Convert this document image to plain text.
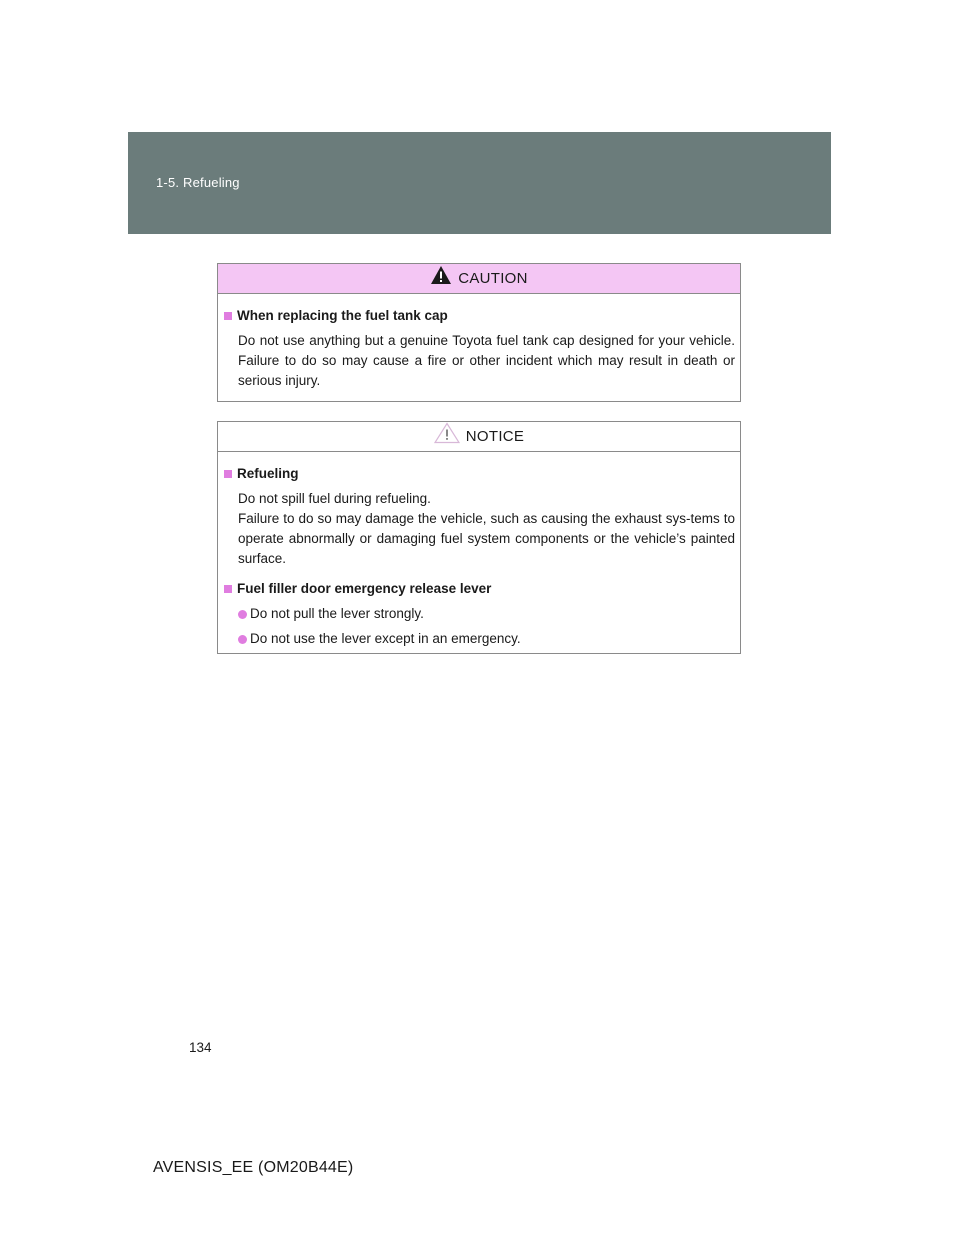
1-5. Refueling
CAUTION
When replacing the fuel tank cap
Do not use anything but a genuine Toyota fuel tank cap designed for your vehicle. Failure to do so may cause a fire or other incident which may result in death or serious injury.
NOTICE
Refueling
Do not spill fuel during refueling.
Failure to do so may damage the vehicle, such as causing the exhaust sys-tems to operate abnormally or damaging fuel system components or the vehicle’s painted surface.
Fuel filler door emergency release lever
Do not pull the lever strongly.
Do not use the lever except in an emergency.
134
AVENSIS_EE (OM20B44E)
